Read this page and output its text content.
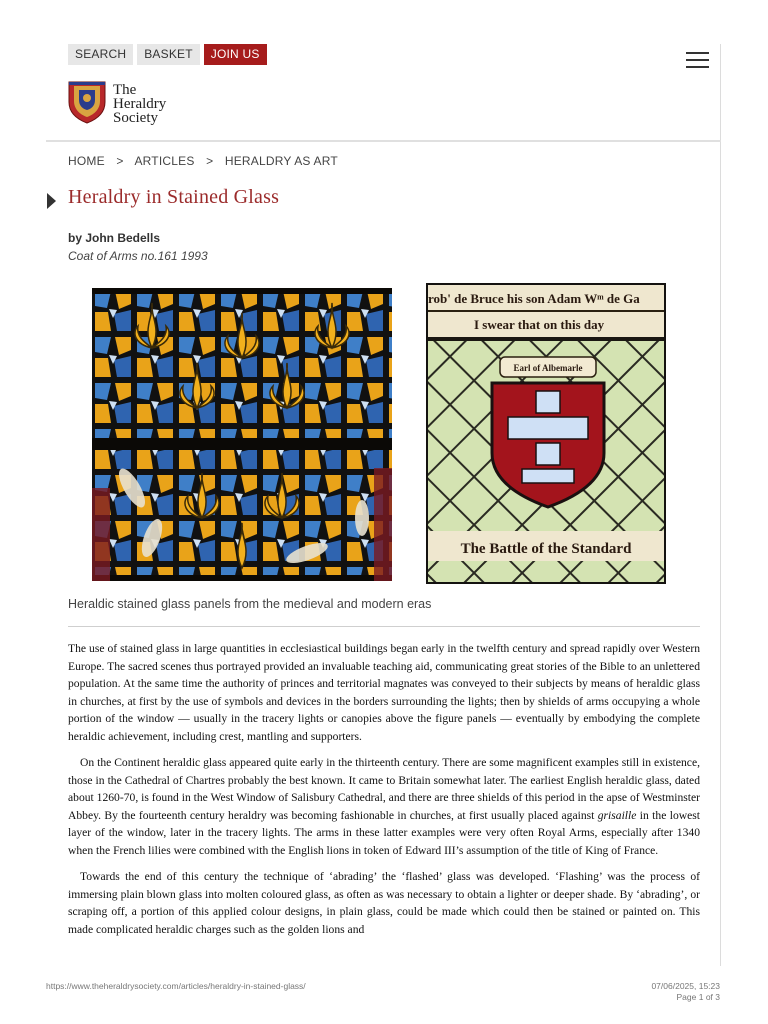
SEARCH	BASKET	JOIN US
The
Heraldry
Society
HOME > ARTICLES > HERALDRY AS ART
Heraldry in Stained Glass
by John Bedells
Coat of Arms no.161 1993
rob' de Bruce his son Adam Wᵐ de Ga
I swear that on this day
Earl of Albemarle
The Battle of the Standard
Heraldic stained glass panels from the medieval and modern eras

The use of stained glass in large quantities in ecclesiastical buildings began early in the twelfth century and spread rapidly over Western Europe. The sacred scenes thus portrayed provided an invaluable teaching aid, communicating great stories of the Bible to an unlettered population. At the same time the authority of princes and territorial magnates was conveyed to their subjects by means of heraldic glass in churches, at first by the use of symbols and devices in the borders surrounding the lights; then by shields of arms occupying a whole portion of the window — usually in the tracery lights or canopies above the figure panels — eventually by embodying the complete heraldic achievement, including crest, mantling and supporters.

On the Continent heraldic glass appeared quite early in the thirteenth century. There are some magnificent examples still in existence, those in the Cathedral of Chartres probably the best known. It came to Britain somewhat later. The earliest English heraldic glass, dated about 1260-70, is found in the West Window of Salisbury Cathedral, and there are three shields of this period in the apse of Westminster Abbey. By the fourteenth century heraldry was becoming fashionable in churches, at first usually placed against grisaille in the lowest layer of the window, later in the tracery lights. The arms in these latter examples were very often Royal Arms, especially after 1340 when the French lilies were combined with the English lions in token of Edward III’s assumption of the title of King of France.

Towards the end of this century the technique of ‘abrading’ the ‘flashed’ glass was developed. ‘Flashing’ was the process of immersing plain blown glass into molten coloured glass, as often as was necessary to obtain a lighter or deeper shade. By ‘abrading’, or scraping off, a portion of this applied colour designs, in plain glass, could be made which could then be stained or painted on. This made complicated heraldic charges such as the golden lions and

https://www.theheraldrysociety.com/articles/heraldry-in-stained-glass/	07/06/2025, 15:23
Page 1 of 3
